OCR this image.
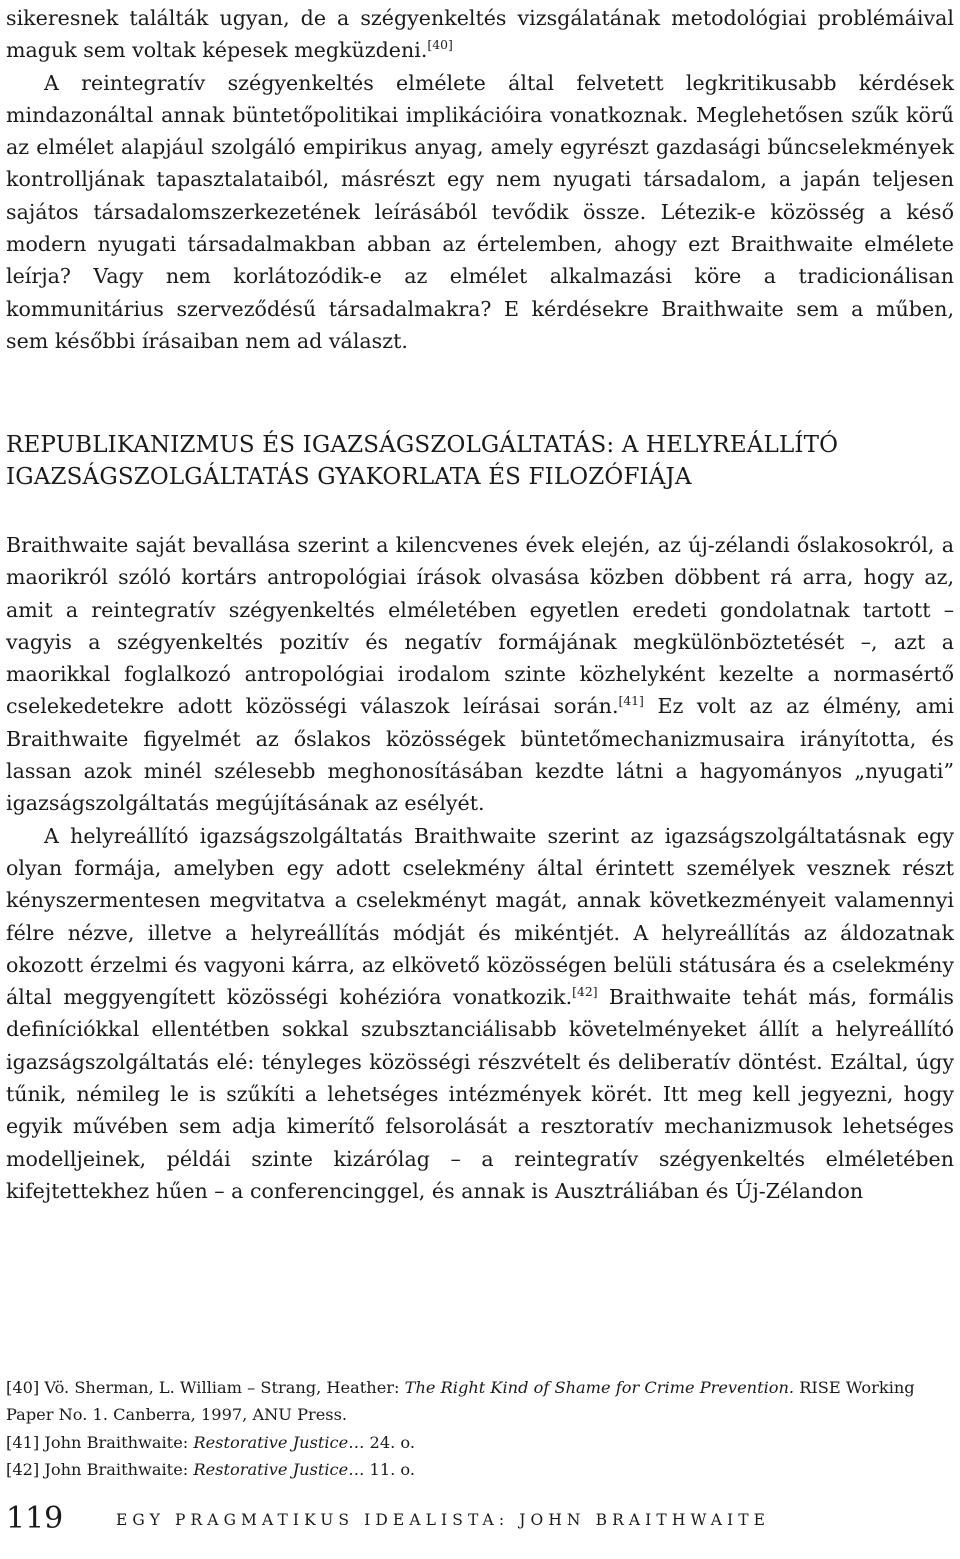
sikeresnek találták ugyan, de a szégyenkeltés vizsgálatának metodológiai problémáival maguk sem voltak képesek megküzdeni.[40]

A reintegratív szégyenkeltés elmélete által felvetett legkritikusabb kérdések mindazonáltal annak büntetőpolitikai implikációira vonatkoznak. Meglehetősen szűk körű az elmélet alapjául szolgáló empirikus anyag, amely egyrészt gazdasági bűncselekmények kontrolljának tapasztalataiból, másrészt egy nem nyugati társadalom, a japán teljesen sajátos társadalomszerkezetének leírásából tevődik össze. Létezik-e közösség a késő modern nyugati társadalmakban abban az értelemben, ahogy ezt Braithwaite elmélete leírja? Vagy nem korlátozódik-e az elmélet alkalmazási köre a tradicionálisan kommunitárius szerveződésű társadalmakra? E kérdésekre Braithwaite sem a műben, sem későbbi írásaiban nem ad választ.

REPUBLIKANIZMUS ÉS IGAZSÁGSZOLGÁLTATÁS: A HELYREÁLLÍTÓ
IGAZSÁGSZOLGÁLTATÁS GYAKORLATA ÉS FILOZÓFIÁJA

Braithwaite saját bevallása szerint a kilencvenes évek elején, az új-zélandi őslakosokról, a maorikról szóló kortárs antropológiai írások olvasása közben döbbent rá arra, hogy az, amit a reintegratív szégyenkeltés elméletében egyetlen eredeti gondolatnak tartott – vagyis a szégyenkeltés pozitív és negatív formájának megkülönböztetését –, azt a maorikkal foglalkozó antropológiai irodalom szinte közhelyként kezelte a normasértő cselekedetekre adott közösségi válaszok leírásai során.[41] Ez volt az az élmény, ami Braithwaite figyelmét az őslakos közösségek büntetőmechanizmusaira irányította, és lassan azok minél szélesebb meghonosításában kezdte látni a hagyományos „nyugati” igazságszolgáltatás megújításának az esélyét.

A helyreállító igazságszolgáltatás Braithwaite szerint az igazságszolgáltatásnak egy olyan formája, amelyben egy adott cselekmény által érintett személyek vesznek részt kényszermentesen megvitatva a cselekményt magát, annak következményeit valamennyi félre nézve, illetve a helyreállítás módját és mikéntjét. A helyreállítás az áldozatnak okozott érzelmi és vagyoni kárra, az elkövető közösségen belüli státusára és a cselekmény által meggyengített közösségi kohézióra vonatkozik.[42] Braithwaite tehát más, formális definíciókkal ellentétben sokkal szubsztanciálisabb követelményeket állít a helyreállító igazságszolgáltatás elé: tényleges közösségi részvételt és deliberatív döntést. Ezáltal, úgy tűnik, némileg le is szűkíti a lehetséges intézmények körét. Itt meg kell jegyezni, hogy egyik művében sem adja kimerítő felsorolását a resztoratív mechanizmusok lehetséges modelljeinek, példái szinte kizárólag – a reintegratív szégyenkeltés elméletében kifejtettekhez hűen – a conferencinggel, és annak is Ausztráliában és Új-Zélandon

[40] Vö. Sherman, L. William – Strang, Heather: The Right Kind of Shame for Crime Prevention. RISE Working Paper No. 1. Canberra, 1997, ANU Press.
[41] John Braithwaite: Restorative Justice… 24. o.
[42] John Braithwaite: Restorative Justice… 11. o.
119	EGY PRAGMATIKUS IDEALISTA: JOHN BRAITHWAITE
